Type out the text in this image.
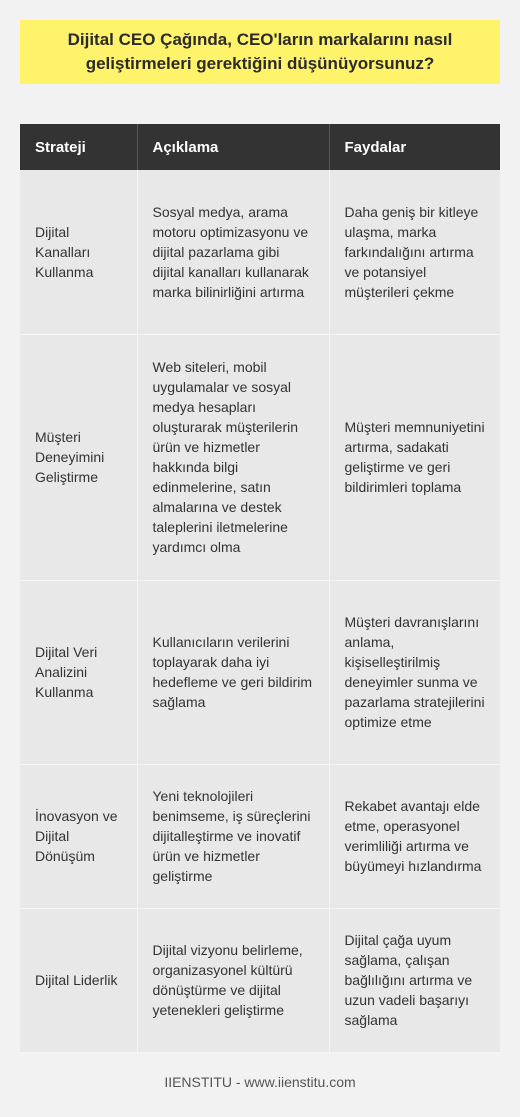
Dijital CEO Çağında, CEO'ların markalarını nasıl geliştirmeleri gerektiğini düşünüyorsunuz?
Strateji	Açıklama	Faydalar
Dijital Kanalları Kullanma	Sosyal medya, arama motoru optimizasyonu ve dijital pazarlama gibi dijital kanalları kullanarak marka bilinirliğini artırma	Daha geniş bir kitleye ulaşma, marka farkındalığını artırma ve potansiyel müşterileri çekme
Müşteri Deneyimini Geliştirme	Web siteleri, mobil uygulamalar ve sosyal medya hesapları oluşturarak müşterilerin ürün ve hizmetler hakkında bilgi edinmelerine, satın almalarına ve destek taleplerini iletmelerine yardımcı olma	Müşteri memnuniyetini artırma, sadakati geliştirme ve geri bildirimleri toplama
Dijital Veri Analizini Kullanma	Kullanıcıların verilerini toplayarak daha iyi hedefleme ve geri bildirim sağlama	Müşteri davranışlarını anlama, kişiselleştirilmiş deneyimler sunma ve pazarlama stratejilerini optimize etme
İnovasyon ve Dijital Dönüşüm	Yeni teknolojileri benimseme, iş süreçlerini dijitalleştirme ve inovatif ürün ve hizmetler geliştirme	Rekabet avantajı elde etme, operasyonel verimliliği artırma ve büyümeyi hızlandırma
Dijital Liderlik	Dijital vizyonu belirleme, organizasyonel kültürü dönüştürme ve dijital yetenekleri geliştirme	Dijital çağa uyum sağlama, çalışan bağlılığını artırma ve uzun vadeli başarıyı sağlama
IIENSTITU - www.iienstitu.com
